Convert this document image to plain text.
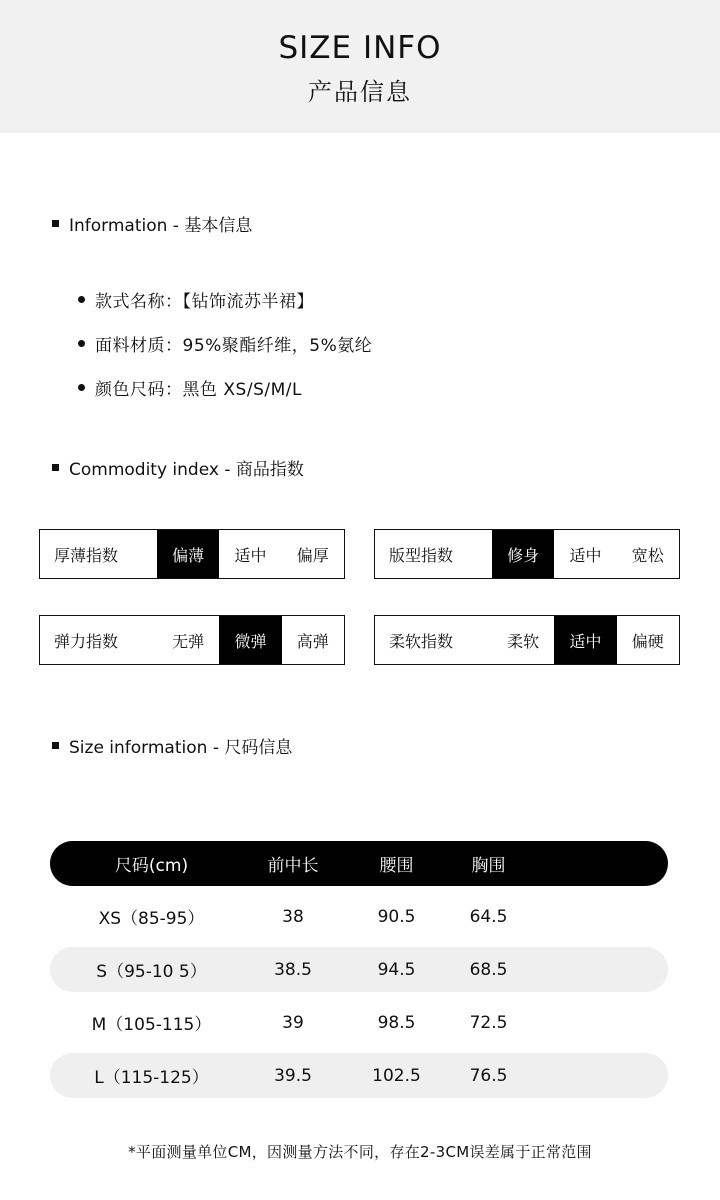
SIZE INFO
产品信息
Information - 基本信息
款式名称：【钻饰流苏半裙】
面料材质：95%聚酯纤维，5%氨纶
颜色尺码：黑色 XS/S/M/L
Commodity index - 商品指数
厚薄指数	偏薄	适中	偏厚	版型指数	修身	适中	宽松
弹力指数	无弹	微弹	高弹	柔软指数	柔软	适中	偏硬
Size information - 尺码信息
尺码(cm)	前中长	腰围	胸围
XS（85-95）	38	90.5	64.5
S（95-10 5）	38.5	94.5	68.5
M（105-115）	39	98.5	72.5
L（115-125）	39.5	102.5	76.5
*平面测量单位CM，因测量方法不同，存在2-3CM误差属于正常范围
